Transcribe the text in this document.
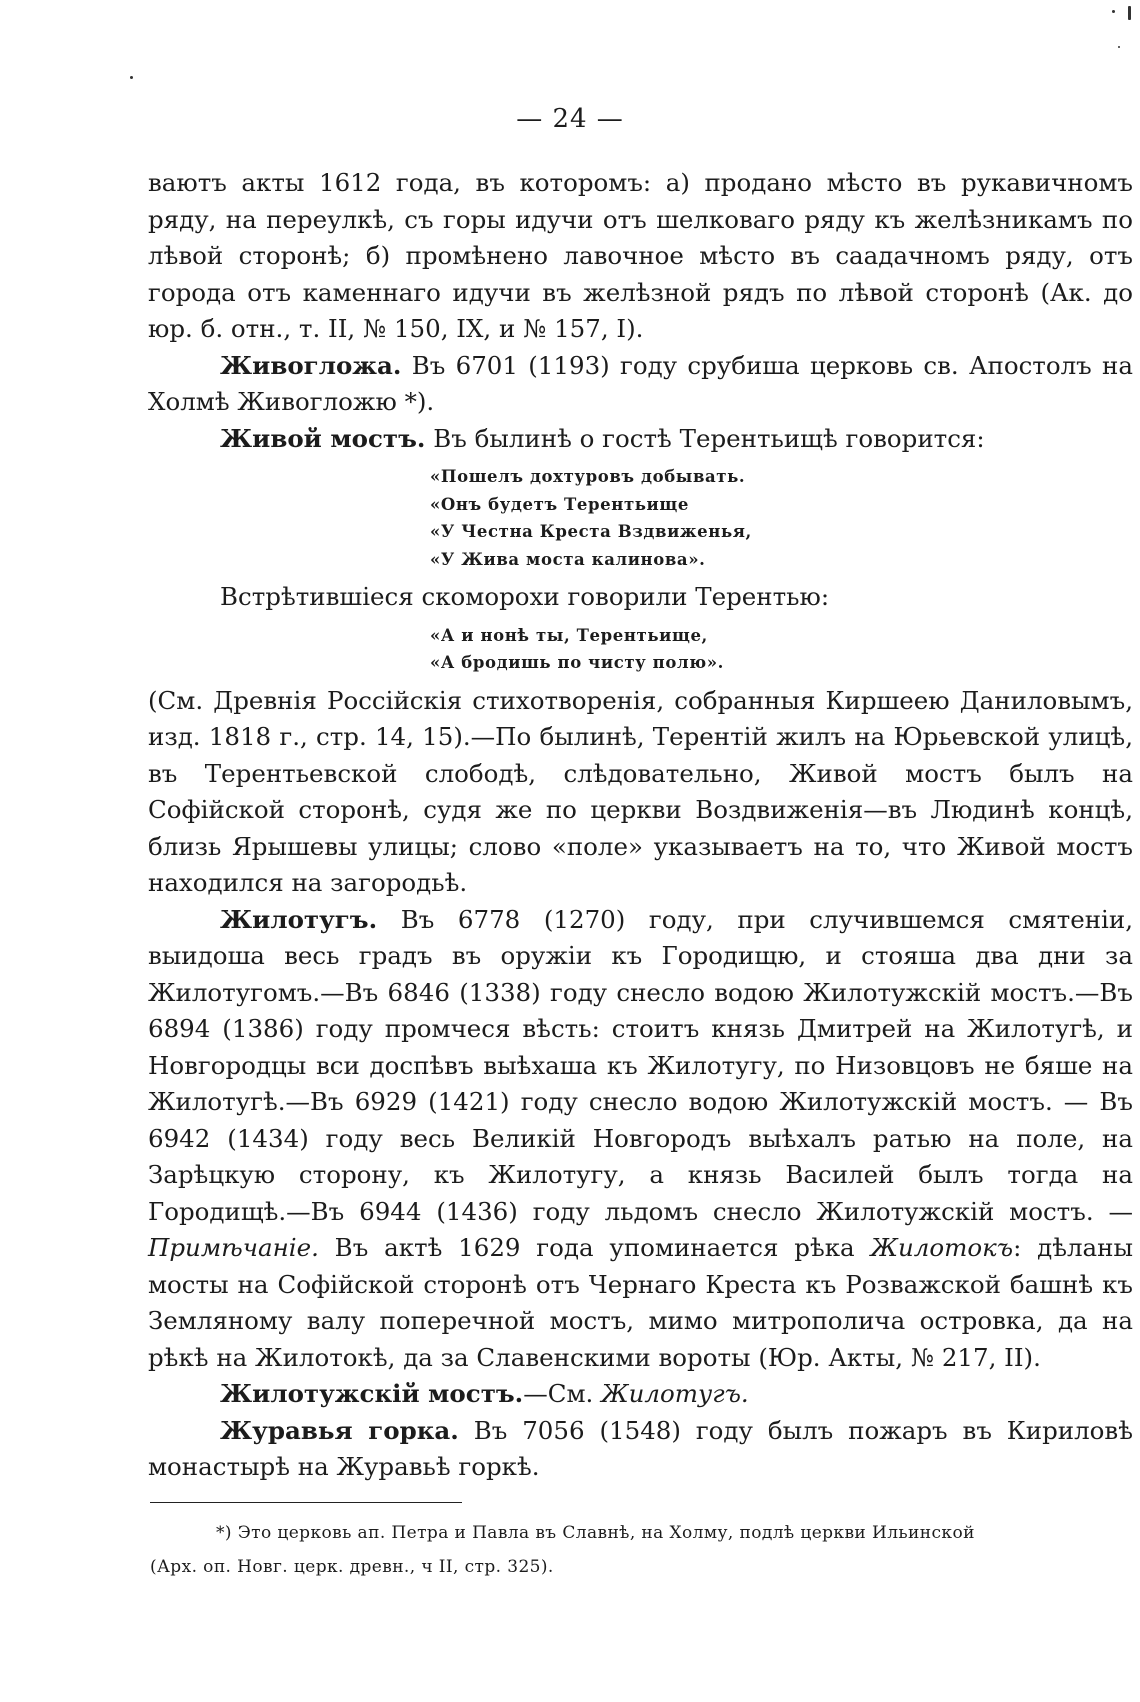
— 24 —

ваютъ акты 1612 года, въ которомъ: а) продано мѣсто въ рукавичномъ ряду, на переулкѣ, съ горы идучи отъ шелковаго ряду къ желѣзникамъ по лѣвой сторонѣ; б) промѣнено лавочное мѣсто въ саадачномъ ряду, отъ города отъ каменнаго идучи въ желѣзной рядъ по лѣвой сторонѣ (Ак. до юр. б. отн., т. II, № 150, IX, и № 157, I).

Живогложа. Въ 6701 (1193) году срубиша церковь св. Апостолъ на Холмѣ Живогложю *).

Живой мостъ. Въ былинѣ о гостѣ Терентьищѣ говорится:

«Пошелъ дохтуровъ добывать.

«Онъ будетъ Терентьище

«У Честна Креста Вздвиженья,

«У Жива моста калинова».

Встрѣтившіеся скоморохи говорили Терентью:

«А и нонѣ ты, Терентьище,

«А бродишь по чисту полю».

(См. Древнія Россійскія стихотворенія, собранныя Киршеею Даниловымъ, изд. 1818 г., стр. 14, 15).—По былинѣ, Терентій жилъ на Юрьевской улицѣ, въ Терентьевской слободѣ, слѣдовательно, Живой мостъ былъ на Софійской сторонѣ, судя же по церкви Воздвиженія—въ Людинѣ концѣ, близь Ярышевы улицы; слово «поле» указываетъ на то, что Живой мостъ находился на загородьѣ.

Жилотугъ. Въ 6778 (1270) году, при случившемся смятеніи, выидоша весь градъ въ оружіи къ Городищю, и стояша два дни за Жилотугомъ.—Въ 6846 (1338) году снесло водою Жилотужскій мостъ.—Въ 6894 (1386) году промчеся вѣсть: стоитъ князь Дмитрей на Жилотугѣ, и Новгородцы вси доспѣвъ выѣхаша къ Жилотугу, по Низовцовъ не бяше на Жилотугѣ.—Въ 6929 (1421) году снесло водою Жилотужскій мостъ. — Въ 6942 (1434) году весь Великій Новгородъ выѣхалъ ратью на поле, на Зарѣцкую сторону, къ Жилотугу, а князь Василей былъ тогда на Городищѣ.—Въ 6944 (1436) году льдомъ снесло Жилотужскій мостъ. — Примѣчаніе. Въ актѣ 1629 года упоминается рѣка Жилотокъ: дѣланы мосты на Софійской сторонѣ отъ Чернаго Креста къ Розважской башнѣ къ Земляному валу поперечной мостъ, мимо митрополича островка, да на рѣкѣ на Жилотокѣ, да за Славенскими вороты (Юр. Акты, № 217, II).

Жилотужскій мостъ.—См. Жилотугъ.

Журавья горка. Въ 7056 (1548) году былъ пожаръ въ Кириловѣ монастырѣ на Журавьѣ горкѣ.

*) Это церковь ап. Петра и Павла въ Славнѣ, на Холму, подлѣ церкви Ильинской

(Арх. оп. Новг. церк. древн., ч II, стр. 325).
